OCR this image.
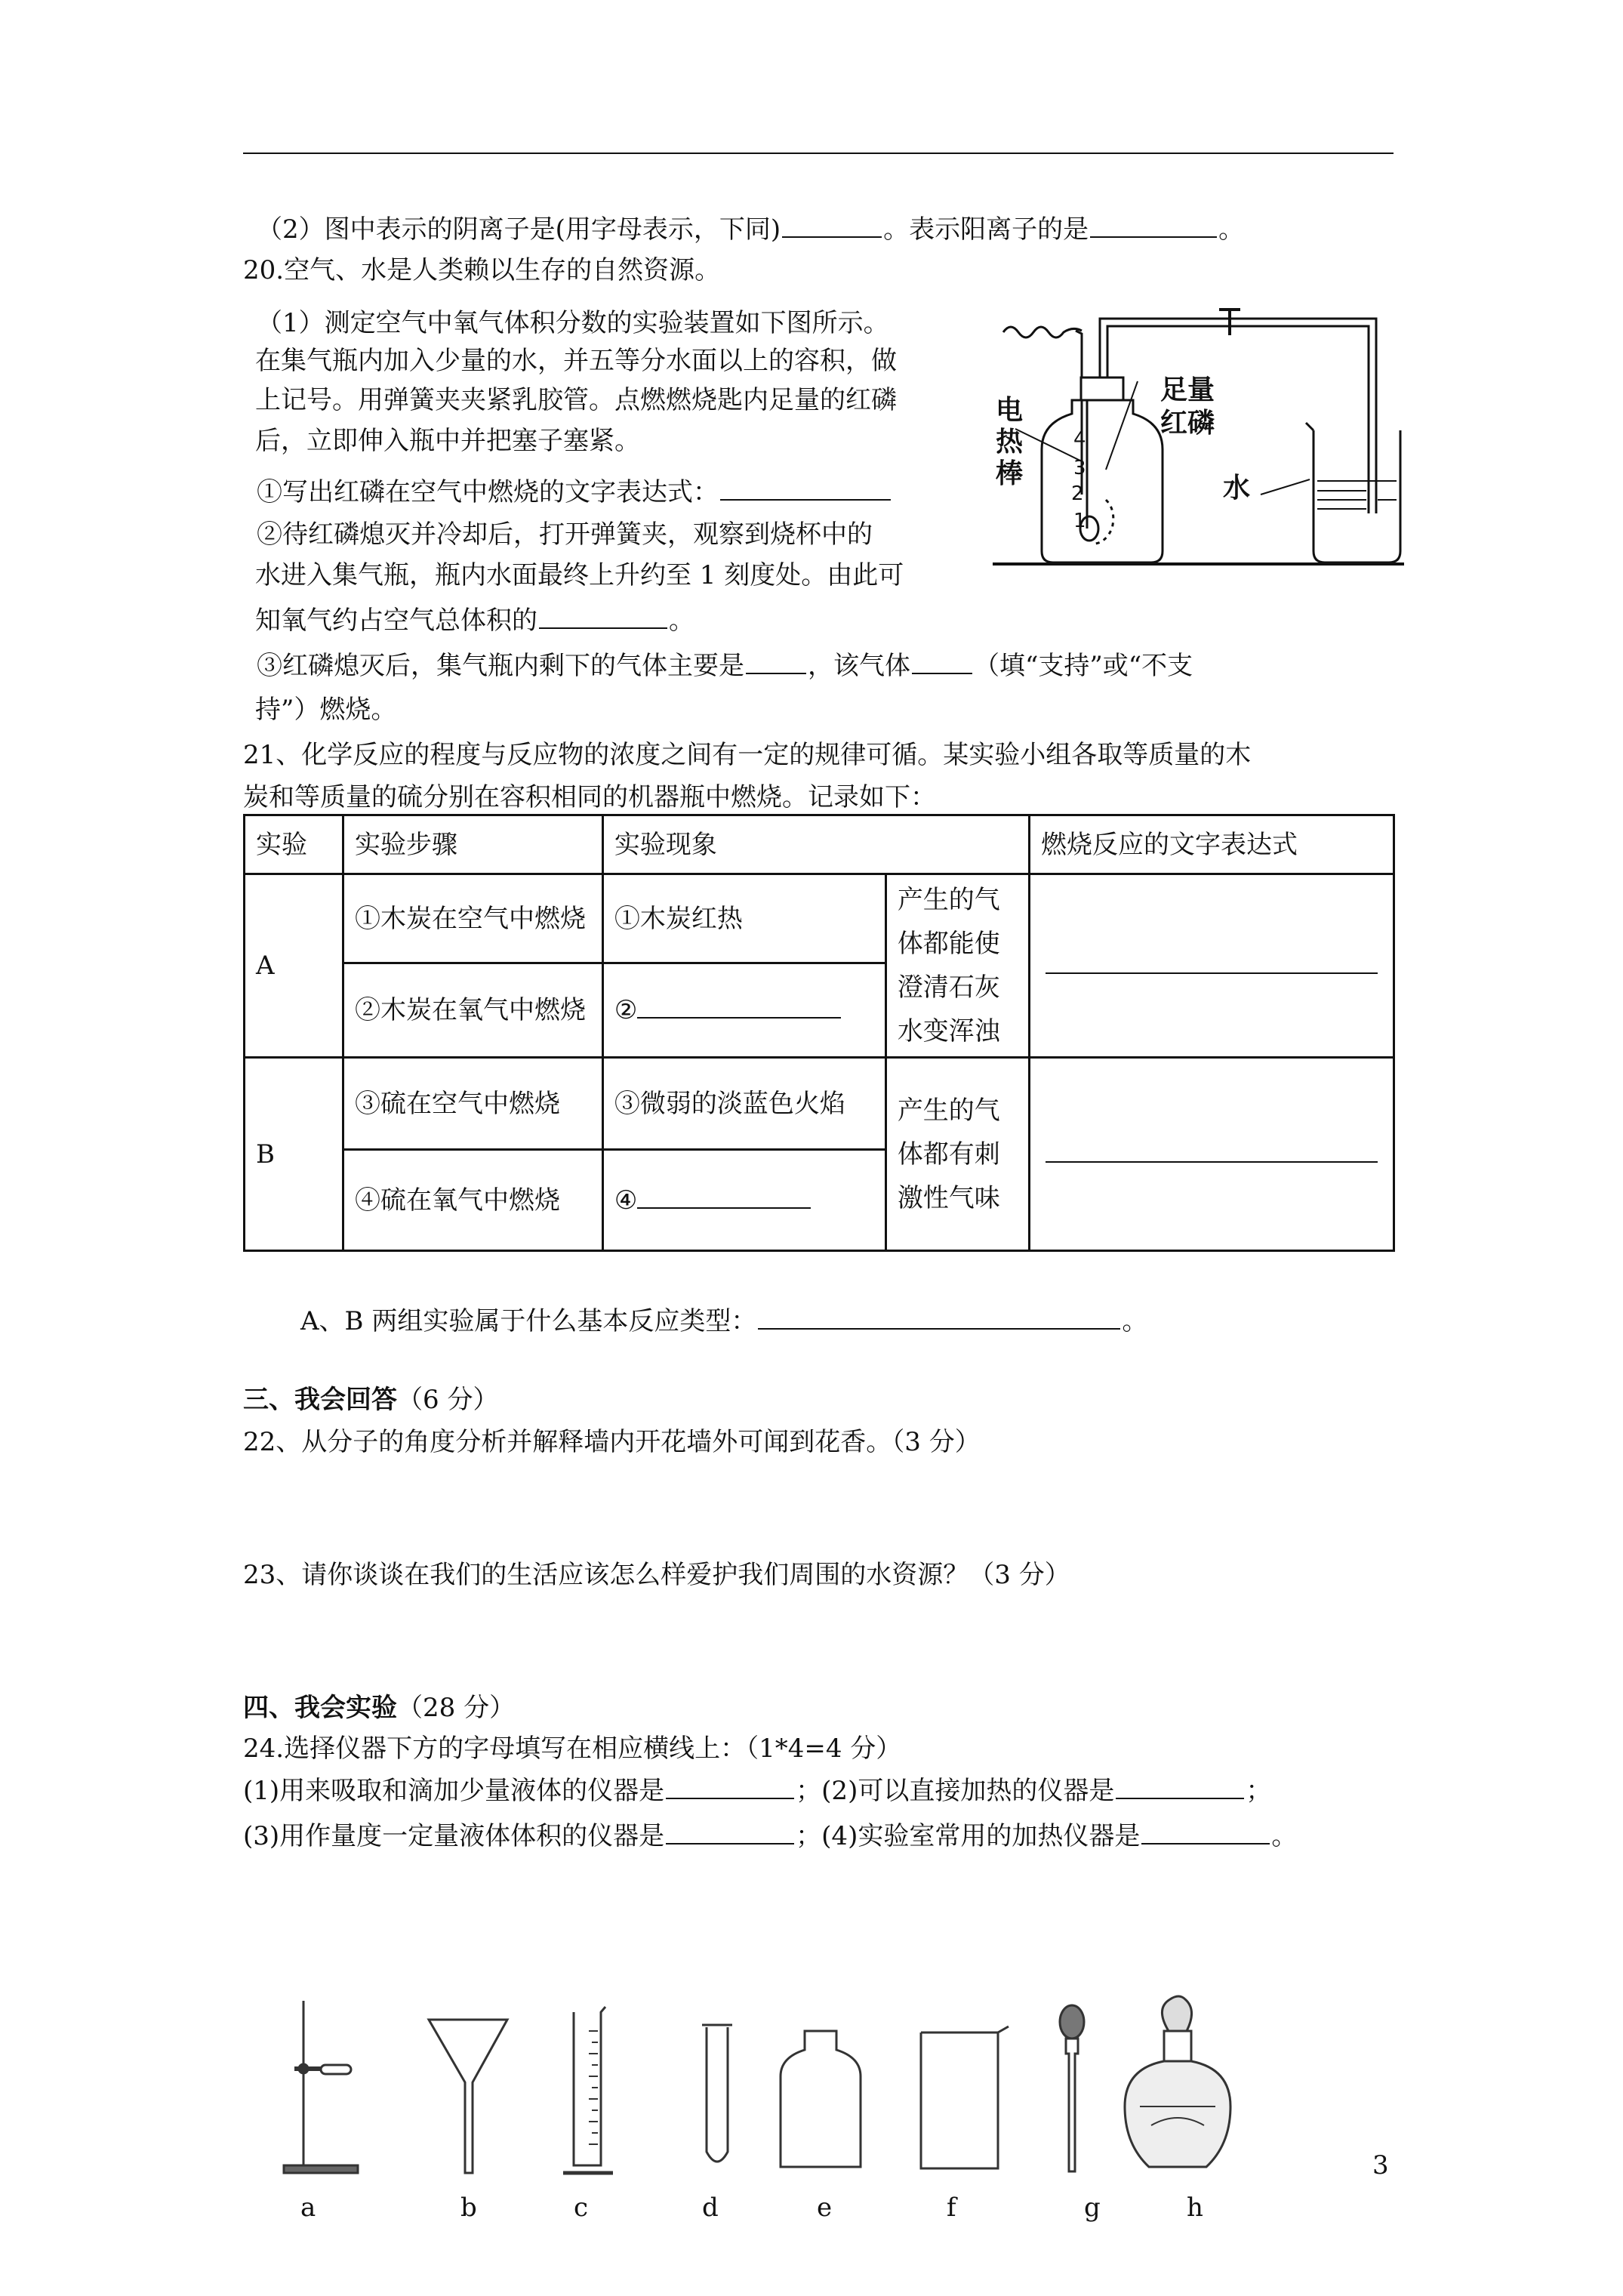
（2）图中表示的阴离子是(用字母表示，下同)	。表示阳离子的是	。
20.空气、水是人类赖以生存的自然资源。
（1）测定空气中氧气体积分数的实验装置如下图所示。
在集气瓶内加入少量的水，并五等分水面以上的容积，做
上记号。用弹簧夹夹紧乳胶管。点燃燃烧匙内足量的红磷
后，立即伸入瓶中并把塞子塞紧。
①写出红磷在空气中燃烧的文字表达式：
②待红磷熄灭并冷却后，打开弹簧夹，观察到烧杯中的
水进入集气瓶，瓶内水面最终上升约至 1 刻度处。由此可
知氧气约占空气总体积的	。
③红磷熄灭后，集气瓶内剩下的气体主要是 ，该气体 （填“支持”或“不支
持”）燃烧。
4
3
2
1
足量红磷
电热棒	水
21、化学反应的程度与反应物的浓度之间有一定的规律可循。某实验小组各取等质量的木
炭和等质量的硫分别在容积相同的机器瓶中燃烧。记录如下：
实验	实验步骤	实验现象		燃烧反应的文字表达式
A	①木炭在空气中燃烧	①木炭红热	产生的气体都能使澄清石灰水变浑浊	
	②木炭在氧气中燃烧	②		
B	③硫在空气中燃烧	③微弱的淡蓝色火焰	产生的气体都有刺激性气味	
	④硫在氧气中燃烧	④		
A、B 两组实验属于什么基本反应类型：	。
三、我会回答（6 分）
22、从分子的角度分析并解释墙内开花墙外可闻到花香。（3 分）
23、请你谈谈在我们的生活应该怎么样爱护我们周围的水资源？（3 分）
四、我会实验（28 分）
24.选择仪器下方的字母填写在相应横线上：（1*4=4 分）
(1)用来吸取和滴加少量液体的仪器是	；(2)可以直接加热的仪器是	；
(3)用作量度一定量液体体积的仪器是	；(4)实验室常用的加热仪器是	。
a	b	c	d	e	f	g	h
3
